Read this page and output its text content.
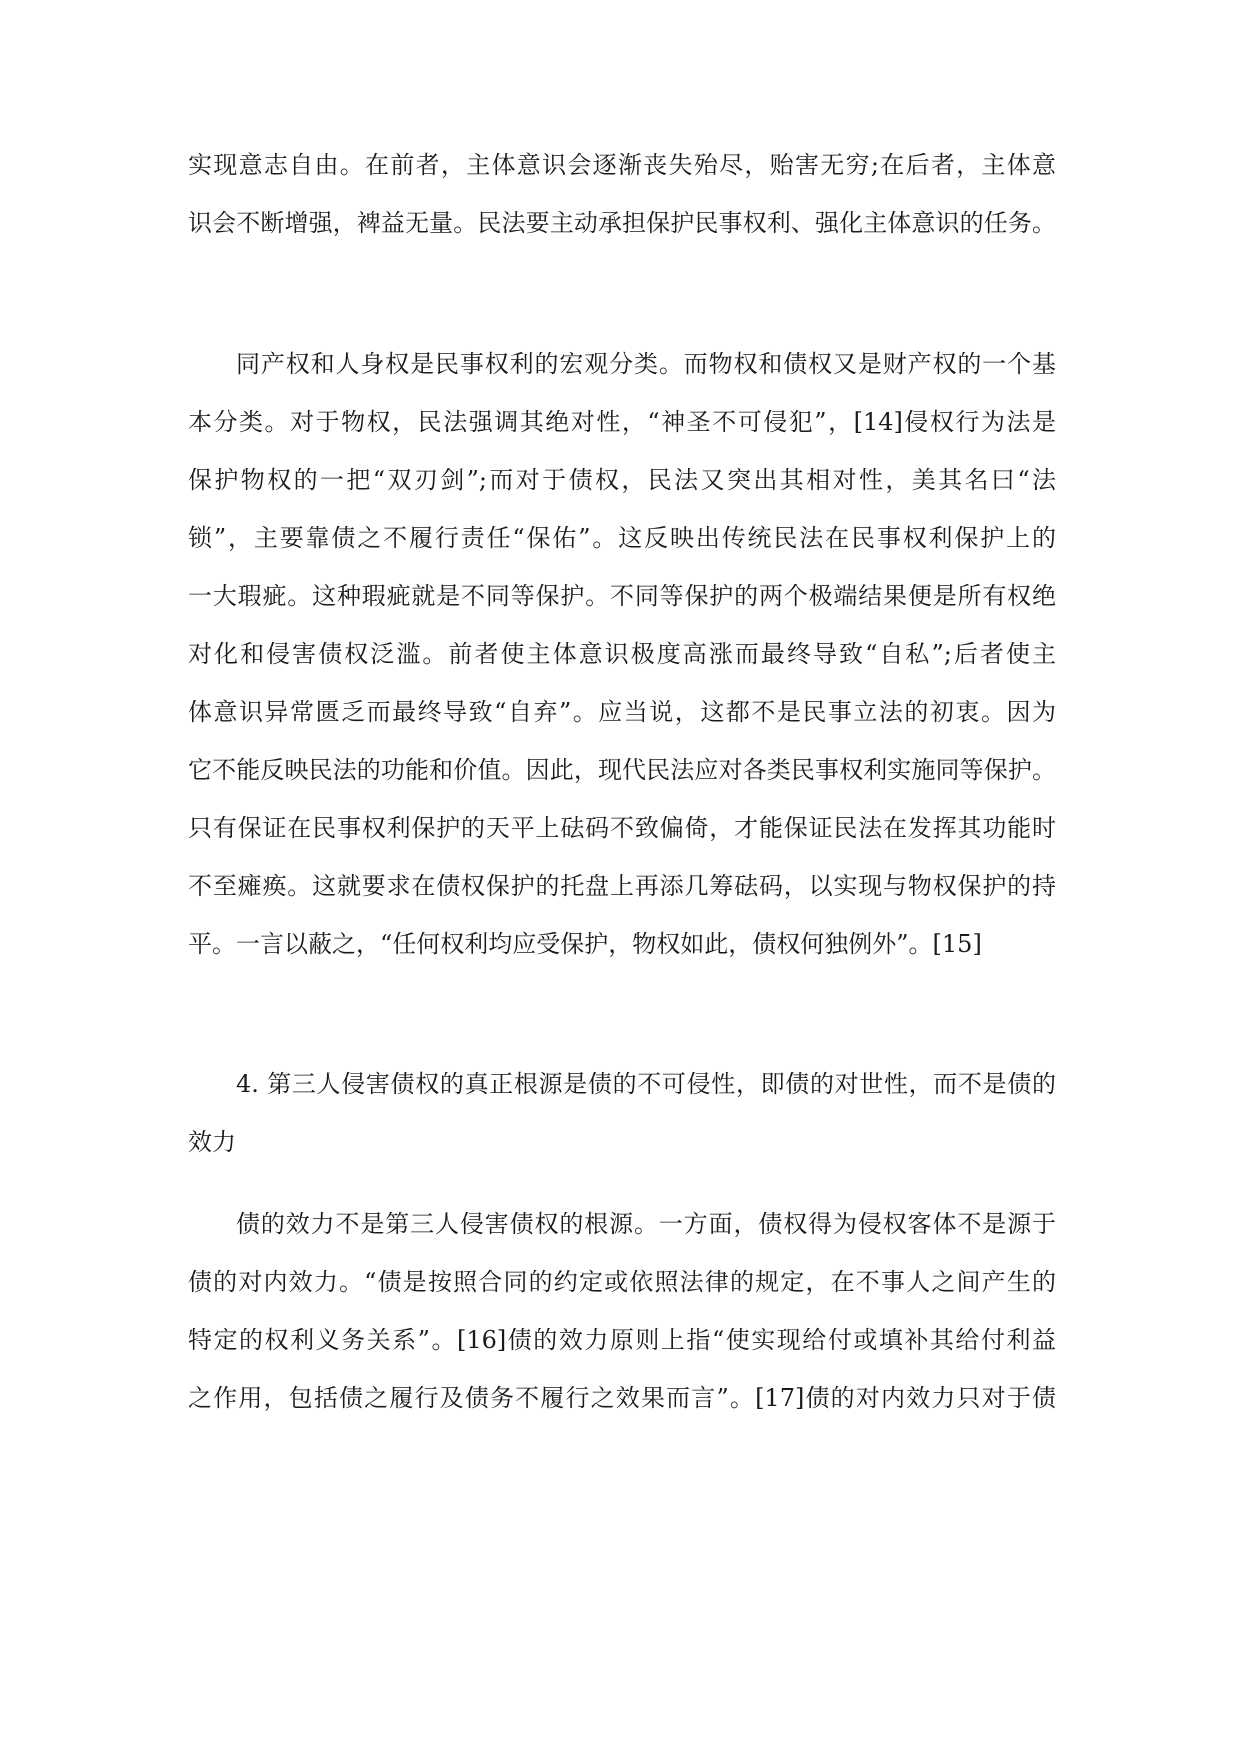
实现意志自由。在前者，主体意识会逐渐丧失殆尽，贻害无穷;在后者，主体意

识会不断增强，裨益无量。民法要主动承担保护民事权利、强化主体意识的任务。

同产权和人身权是民事权利的宏观分类。而物权和债权又是财产权的一个基

本分类。对于物权，民法强调其绝对性，“神圣不可侵犯”，[14]侵权行为法是

保护物权的一把“双刃剑”;而对于债权，民法又突出其相对性，美其名曰“法

锁”，主要靠债之不履行责任“保佑”。这反映出传统民法在民事权利保护上的

一大瑕疵。这种瑕疵就是不同等保护。不同等保护的两个极端结果便是所有权绝

对化和侵害债权泛滥。前者使主体意识极度高涨而最终导致“自私”;后者使主

体意识异常匮乏而最终导致“自弃”。应当说，这都不是民事立法的初衷。因为

它不能反映民法的功能和价值。因此，现代民法应对各类民事权利实施同等保护。

只有保证在民事权利保护的天平上砝码不致偏倚，才能保证民法在发挥其功能时

不至瘫痪。这就要求在债权保护的托盘上再添几筹砝码，以实现与物权保护的持

平。一言以蔽之，“任何权利均应受保护，物权如此，债权何独例外”。[15]

4. 第三人侵害债权的真正根源是债的不可侵性，即债的对世性，而不是债的

效力

债的效力不是第三人侵害债权的根源。一方面，债权得为侵权客体不是源于

债的对内效力。“债是按照合同的约定或依照法律的规定，在不事人之间产生的

特定的权利义务关系”。[16]债的效力原则上指“使实现给付或填补其给付利益

之作用，包括债之履行及债务不履行之效果而言”。[17]债的对内效力只对于债
